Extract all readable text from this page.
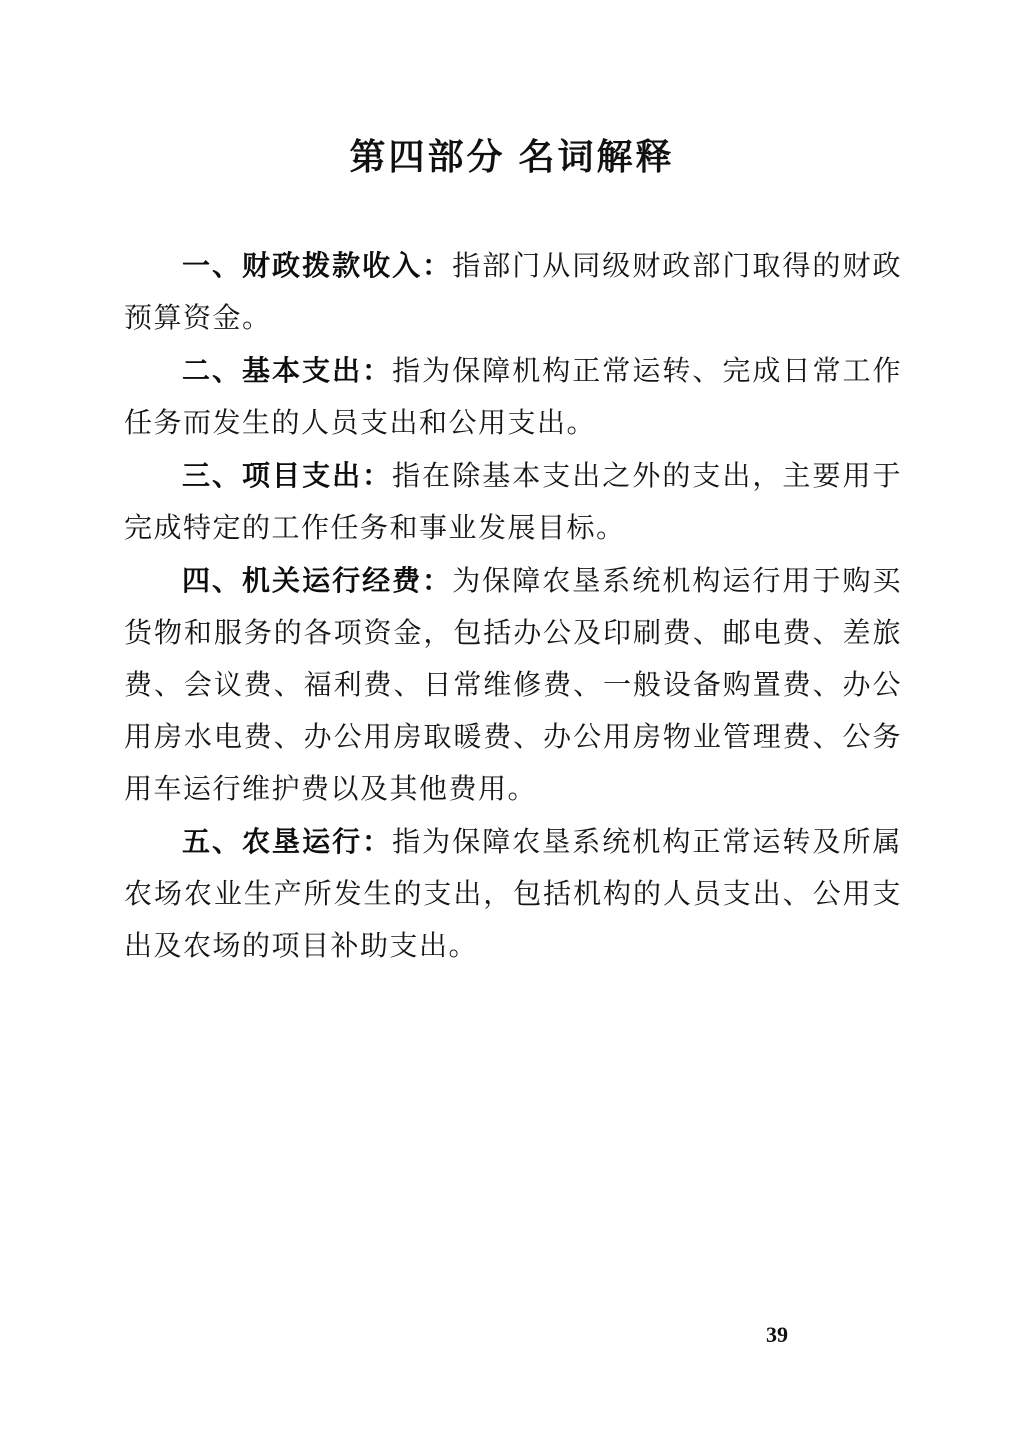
第四部分 名词解释

一、财政拨款收入：指部门从同级财政部门取得的财政预算资金。

二、基本支出：指为保障机构正常运转、完成日常工作任务而发生的人员支出和公用支出。

三、项目支出：指在除基本支出之外的支出，主要用于完成特定的工作任务和事业发展目标。

四、机关运行经费：为保障农垦系统机构运行用于购买货物和服务的各项资金，包括办公及印刷费、邮电费、差旅费、会议费、福利费、日常维修费、一般设备购置费、办公用房水电费、办公用房取暖费、办公用房物业管理费、公务用车运行维护费以及其他费用。

五、农垦运行：指为保障农垦系统机构正常运转及所属农场农业生产所发生的支出，包括机构的人员支出、公用支出及农场的项目补助支出。

39
